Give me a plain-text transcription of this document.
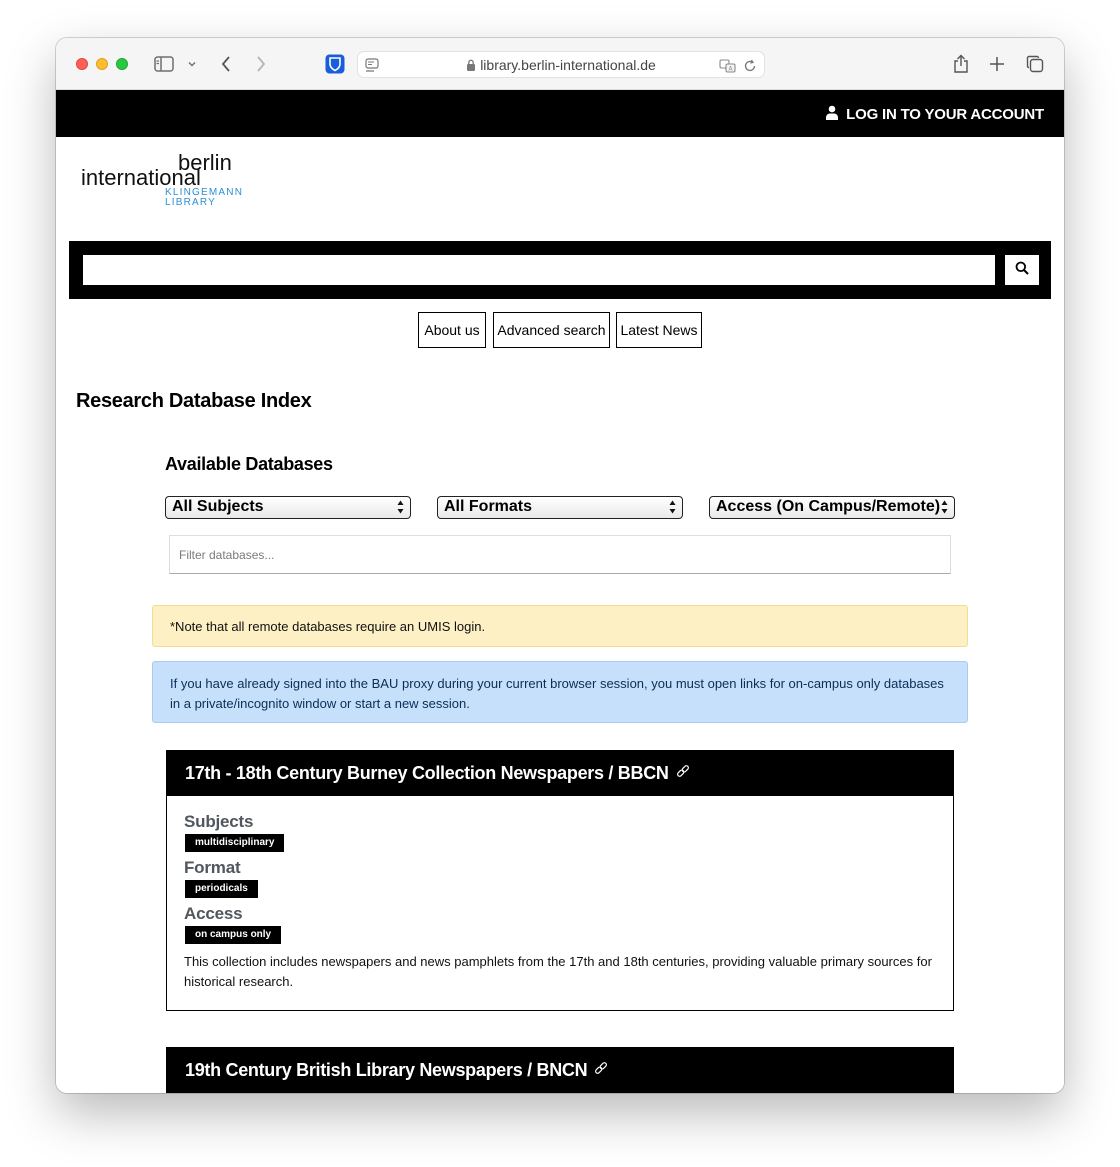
library.berlin-international.de	A
LOG IN TO YOUR ACCOUNT
berlin
international
KLINGEMANN
LIBRARY
About us Advanced search Latest News
Research Database Index
Available Databases
All Subjects	All Formats	Access (On Campus/Remote)
Filter databases...
*Note that all remote databases require an UMIS login.
If you have already signed into the BAU proxy during your current browser session, you must open links for on-campus only databases in a private/incognito window or start a new session.
17th - 18th Century Burney Collection Newspapers / BBCN
Subjects
multidisciplinary
Format
periodicals
Access
on campus only
This collection includes newspapers and news pamphlets from the 17th and 18th centuries, providing valuable primary sources for historical research.
19th Century British Library Newspapers / BNCN
